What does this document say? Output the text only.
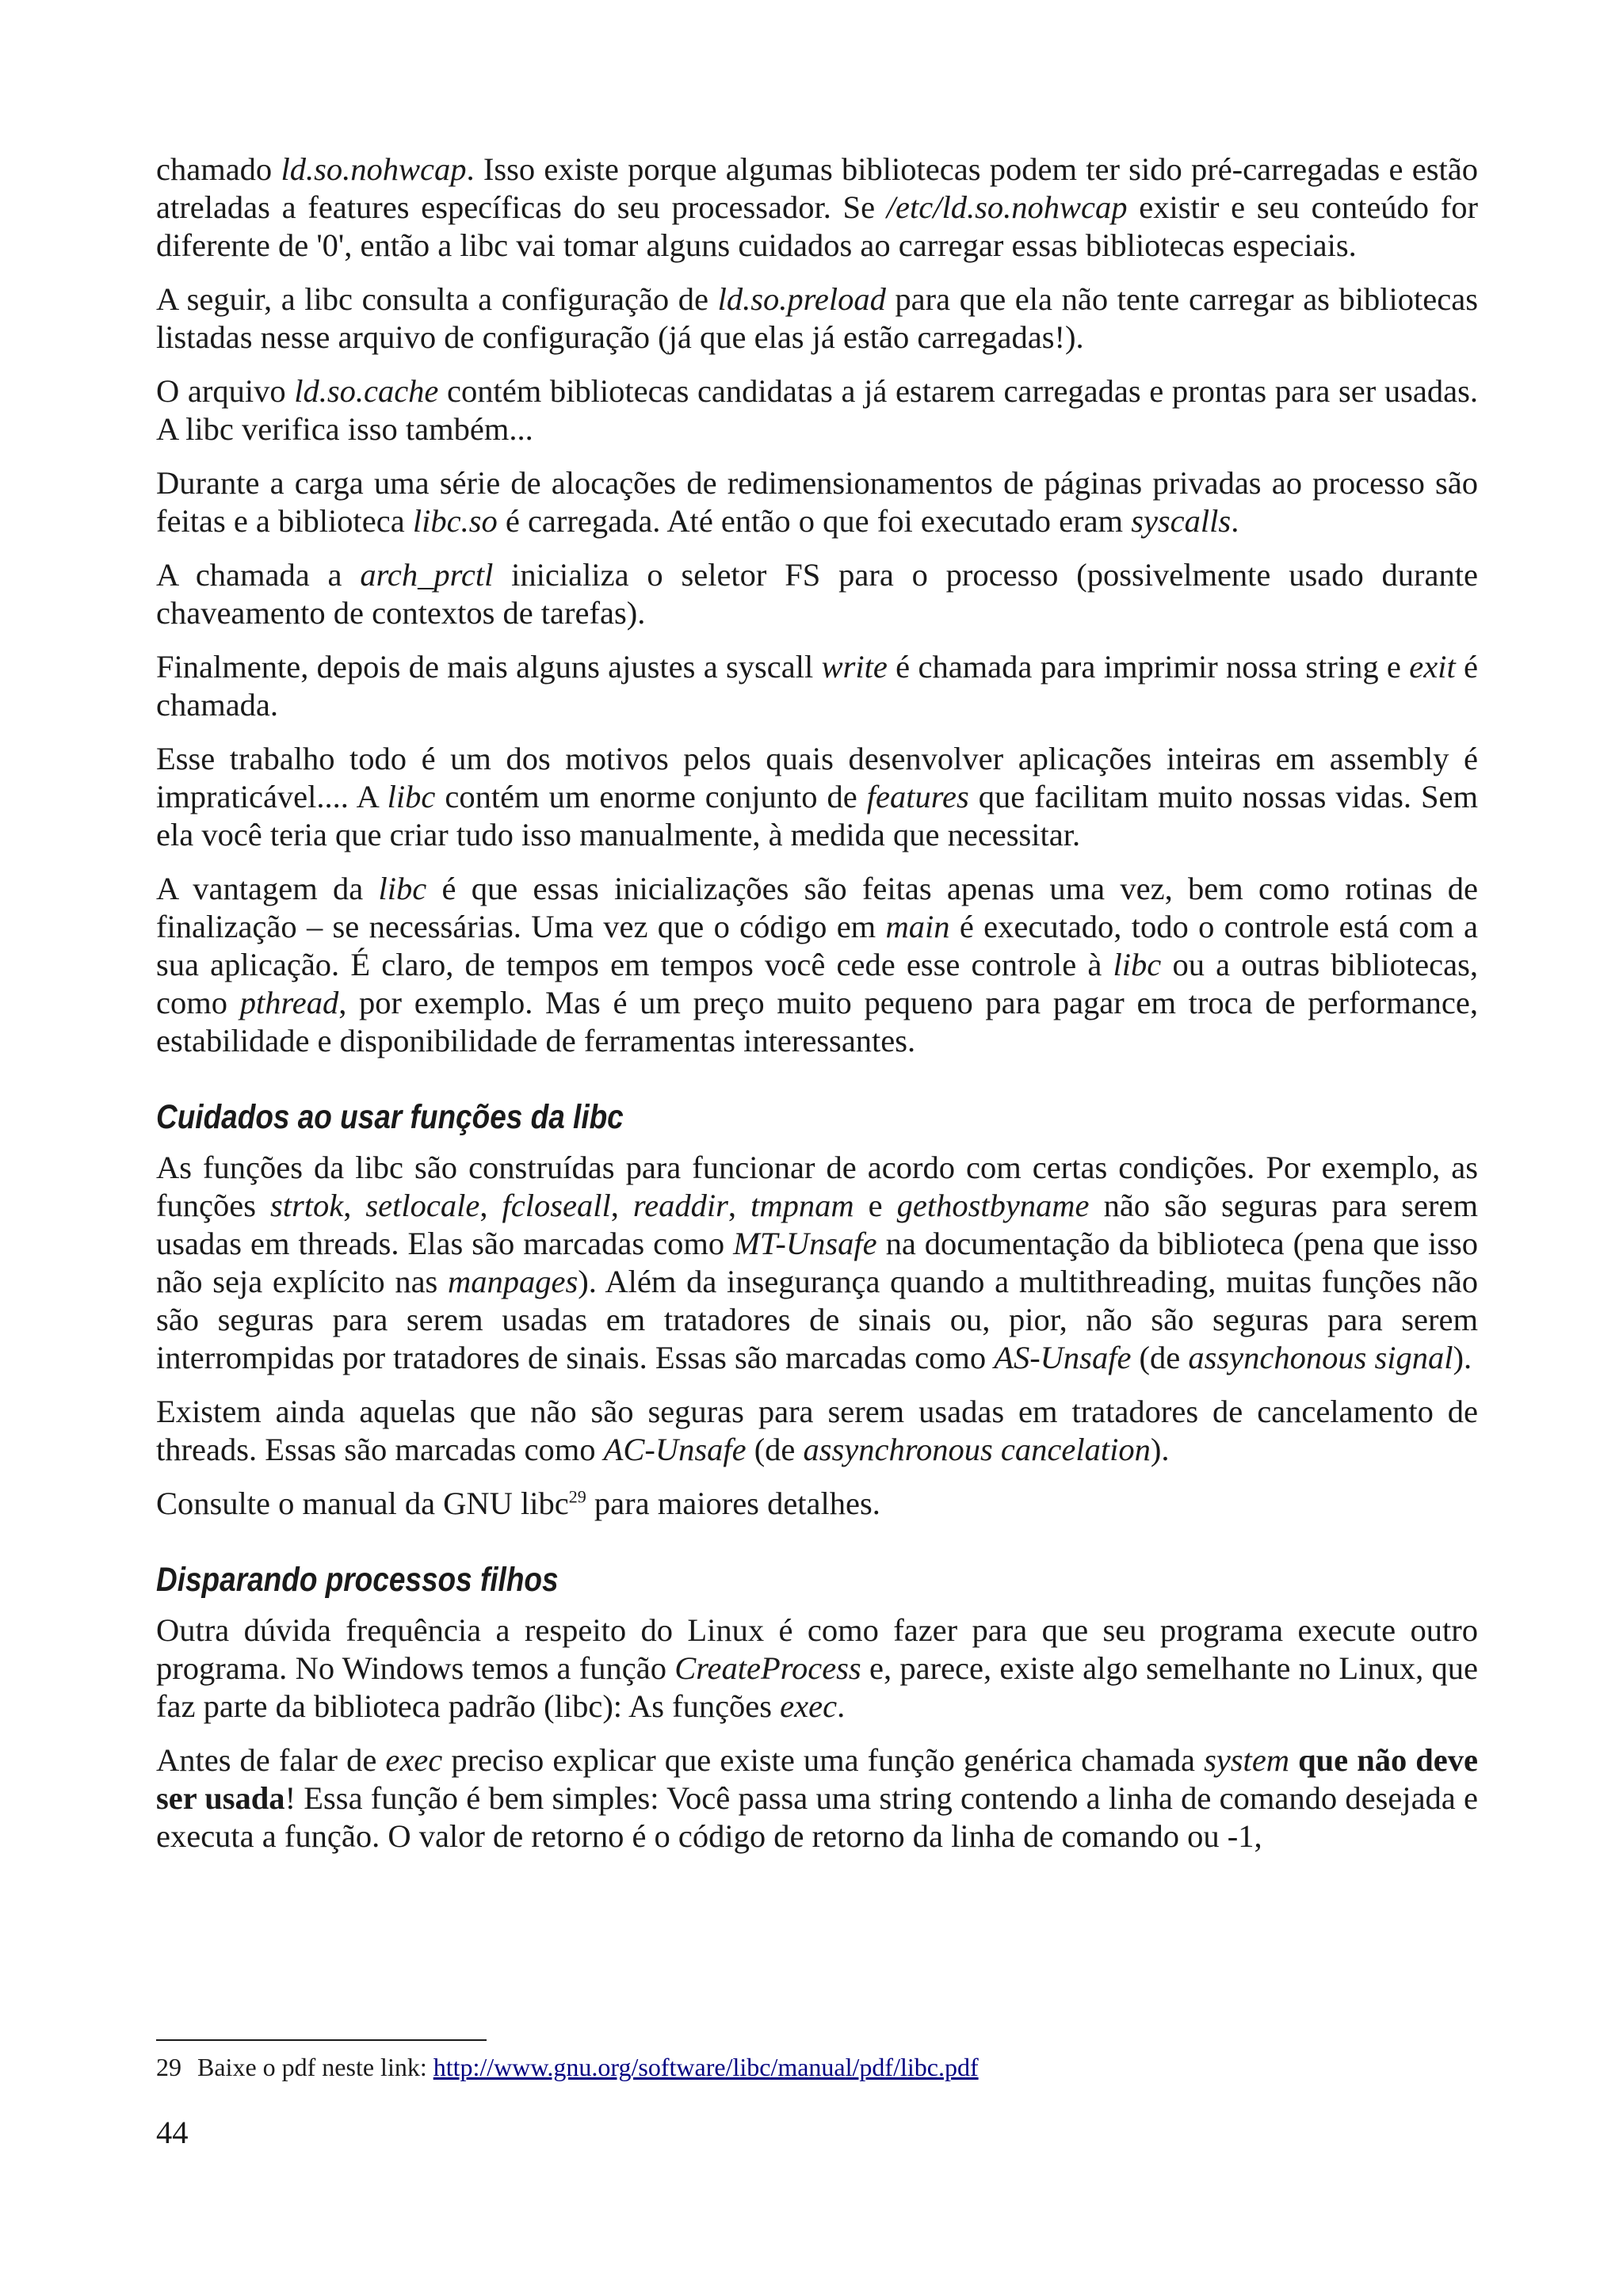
chamado ld.so.nohwcap. Isso existe porque algumas bibliotecas podem ter sido pré-carregadas e estão atreladas a features específicas do seu processador. Se /etc/ld.so.nohwcap existir e seu conteúdo for diferente de '0', então a libc vai tomar alguns cuidados ao carregar essas bibliotecas especiais.

A seguir, a libc consulta a configuração de ld.so.preload para que ela não tente carregar as bibliotecas listadas nesse arquivo de configuração (já que elas já estão carregadas!).

O arquivo ld.so.cache contém bibliotecas candidatas a já estarem carregadas e prontas para ser usadas. A libc verifica isso também...

Durante a carga uma série de alocações de redimensionamentos de páginas privadas ao processo são feitas e a biblioteca libc.so é carregada. Até então o que foi executado eram syscalls.

A chamada a arch_prctl inicializa o seletor FS para o processo (possivelmente usado durante chaveamento de contextos de tarefas).

Finalmente, depois de mais alguns ajustes a syscall write é chamada para imprimir nossa string e exit é chamada.

Esse trabalho todo é um dos motivos pelos quais desenvolver aplicações inteiras em assembly é impraticável.... A libc contém um enorme conjunto de features que facilitam muito nossas vidas. Sem ela você teria que criar tudo isso manualmente, à medida que necessitar.

A vantagem da libc é que essas inicializações são feitas apenas uma vez, bem como rotinas de finalização – se necessárias. Uma vez que o código em main é executado, todo o controle está com a sua aplicação. É claro, de tempos em tempos você cede esse controle à libc ou a outras bibliotecas, como pthread, por exemplo. Mas é um preço muito pequeno para pagar em troca de performance, estabilidade e disponibilidade de ferramentas interessantes.

Cuidados ao usar funções da libc

As funções da libc são construídas para funcionar de acordo com certas condições. Por exemplo, as funções strtok, setlocale, fcloseall, readdir, tmpnam e gethostbyname não são seguras para serem usadas em threads. Elas são marcadas como MT-Unsafe na documentação da biblioteca (pena que isso não seja explícito nas manpages). Além da insegurança quando a multithreading, muitas funções não são seguras para serem usadas em tratadores de sinais ou, pior, não são seguras para serem interrompidas por tratadores de sinais. Essas são marcadas como AS-Unsafe (de assynchonous signal).

Existem ainda aquelas que não são seguras para serem usadas em tratadores de cancelamento de threads. Essas são marcadas como AC-Unsafe (de assynchronous cancelation).

Consulte o manual da GNU libc$^{29}$ para maiores detalhes.

Disparando processos filhos

Outra dúvida frequência a respeito do Linux é como fazer para que seu programa execute outro programa. No Windows temos a função CreateProcess e, parece, existe algo semelhante no Linux, que faz parte da biblioteca padrão (libc): As funções exec.

Antes de falar de exec preciso explicar que existe uma função genérica chamada system que não deve ser usada! Essa função é bem simples: Você passa uma string contendo a linha de comando desejada e executa a função. O valor de retorno é o código de retorno da linha de comando ou -1,

29 Baixe o pdf neste link: http://www.gnu.org/software/libc/manual/pdf/libc.pdf
44
